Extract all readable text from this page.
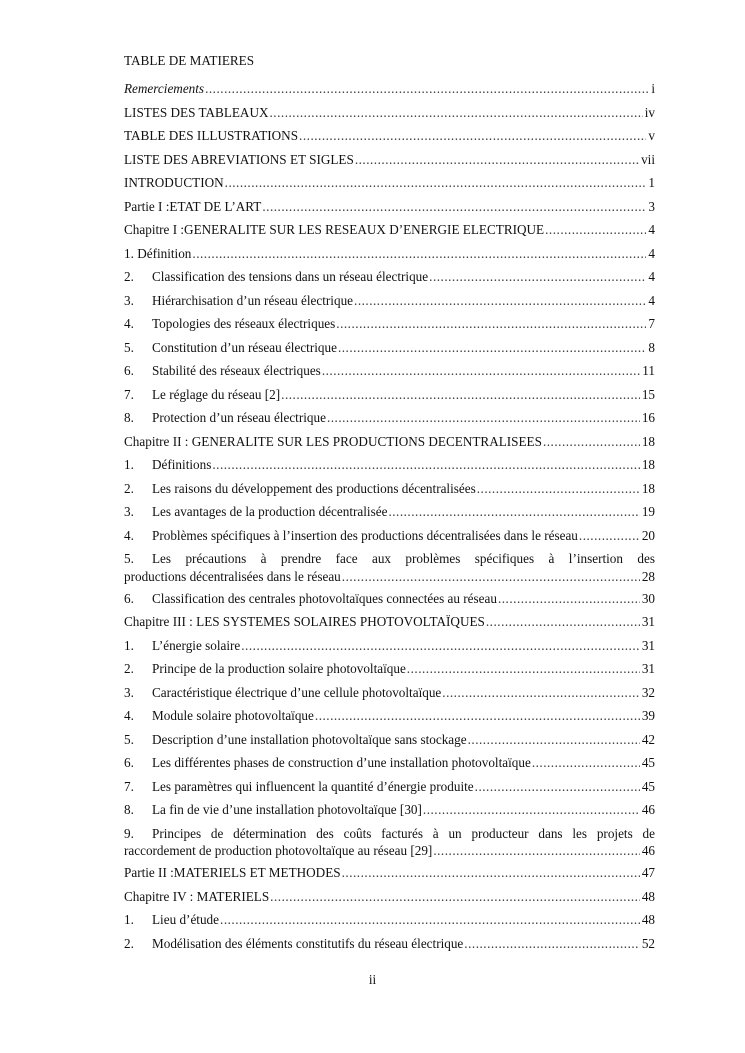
TABLE DE MATIERES
Remerciements .....	i
LISTES DES TABLEAUX .....	iv
TABLE DES ILLUSTRATIONS .....	v
LISTE DES ABREVIATIONS ET SIGLES .....	vii
INTRODUCTION .....	1
Partie I :ETAT DE L’ART .....	3
Chapitre I :GENERALITE SUR LES RESEAUX D’ENERGIE ELECTRIQUE .....	4
1. Définition .....	4
2.	Classification des tensions dans un réseau électrique .....	4
3.	Hiérarchisation d’un réseau électrique .....	4
4.	Topologies des réseaux électriques .....	7
5.	Constitution d’un réseau électrique .....	8
6.	Stabilité des réseaux électriques .....	11
7.	Le réglage du réseau [2] .....	15
8.	Protection d’un réseau électrique .....	16
Chapitre II : GENERALITE SUR LES PRODUCTIONS DECENTRALISEES .....	18
1.	Définitions .....	18
2.	Les raisons du développement des productions décentralisées .....	18
3.	Les avantages de la production décentralisée .....	19
4.	Problèmes spécifiques à l’insertion des productions décentralisées dans le réseau .....	20
5.	Les précautions à prendre face aux problèmes spécifiques à l’insertion des
productions décentralisées dans le réseau .....	28
6.	Classification des centrales photovoltaïques connectées au réseau .....	30
Chapitre III : LES SYSTEMES SOLAIRES PHOTOVOLTAÏQUES .....	31
1.	L’énergie solaire .....	31
2.	Principe de la production solaire photovoltaïque .....	31
3.	Caractéristique électrique d’une cellule photovoltaïque .....	32
4.	Module solaire photovoltaïque .....	39
5.	Description d’une installation photovoltaïque sans stockage .....	42
6.	Les différentes phases de construction d’une installation photovoltaïque .....	45
7.	Les paramètres qui influencent la quantité d’énergie produite .....	45
8.	La fin de vie d’une installation photovoltaïque [30] .....	46
9.	Principes de détermination des coûts facturés à un producteur dans les projets de
raccordement de production photovoltaïque au réseau [29] .....	46
Partie II :MATERIELS ET METHODES .....	47
Chapitre IV : MATERIELS .....	48
1.	Lieu d’étude .....	48
2.	Modélisation des éléments constitutifs du réseau électrique .....	52
ii
